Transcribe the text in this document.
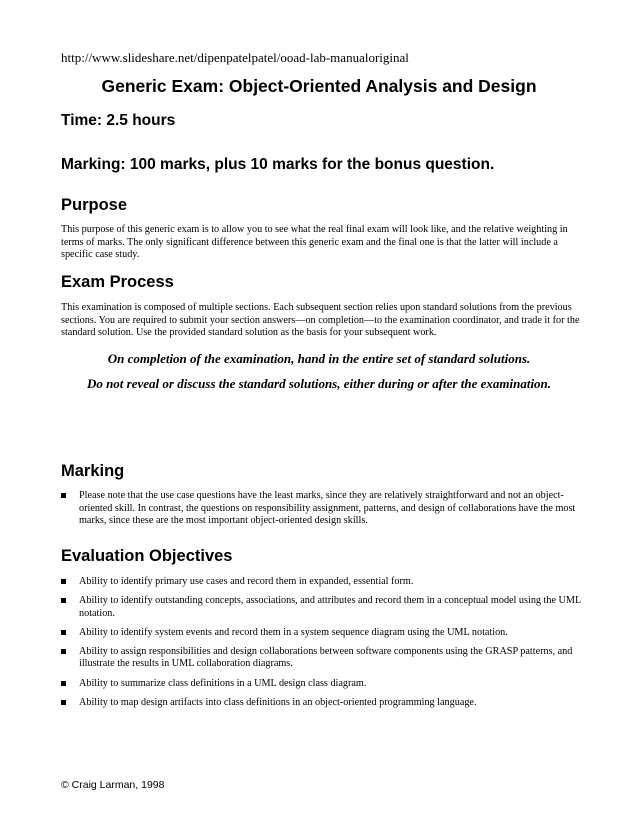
http://www.slideshare.net/dipenpatelpatel/ooad-lab-manualoriginal
Generic Exam: Object-Oriented Analysis and Design
Time: 2.5 hours
Marking: 100 marks, plus 10 marks for the bonus question.
Purpose
This purpose of this generic exam is to allow you to see what the real final exam will look like, and the relative weighting in terms of marks. The only significant difference between this generic exam and the final one is that the latter will include a specific case study.
Exam Process
This examination is composed of multiple sections. Each subsequent section relies upon standard solutions from the previous sections. You are required to submit your section answers—on completion—to the examination coordinator, and trade it for the standard solution. Use the provided standard solution as the basis for your subsequent work.
On completion of the examination, hand in the entire set of standard solutions.
Do not reveal or discuss the standard solutions, either during or after the examination.
Marking
Please note that the use case questions have the least marks, since they are relatively straightforward and not an object-oriented skill. In contrast, the questions on responsibility assignment, patterns, and design of collaborations have the most marks, since these are the most important object-oriented design skills.
Evaluation Objectives
Ability to identify primary use cases and record them in expanded, essential form.
Ability to identify outstanding concepts, associations, and attributes and record them in a conceptual model using the UML notation.
Ability to identify system events and record them in a system sequence diagram using the UML notation.
Ability to assign responsibilities and design collaborations between software components using the GRASP patterns, and illustrate the results in UML collaboration diagrams.
Ability to summarize class definitions in a UML design class diagram.
Ability to map design artifacts into class definitions in an object-oriented programming language.
© Craig Larman, 1998
